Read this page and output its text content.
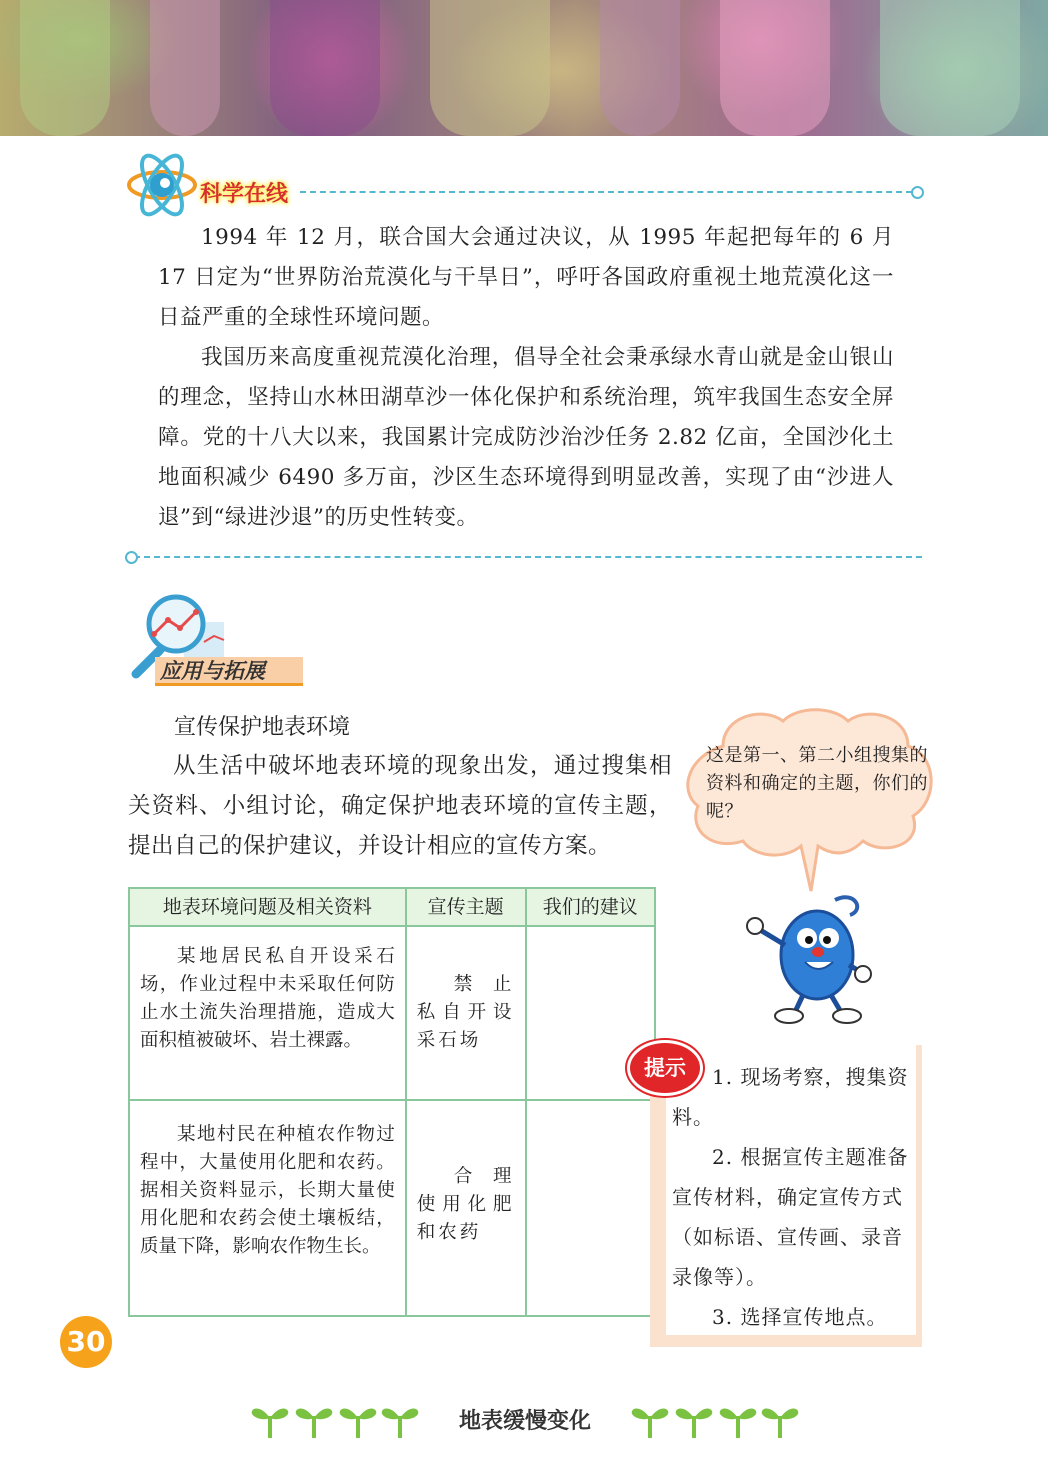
科学在线

1994 年 12 月，联合国大会通过决议，从 1995 年起把每年的 6 月 17 日定为“世界防治荒漠化与干旱日”，呼吁各国政府重视土地荒漠化这一日益严重的全球性环境问题。

我国历来高度重视荒漠化治理，倡导全社会秉承绿水青山就是金山银山的理念，坚持山水林田湖草沙一体化保护和系统治理，筑牢我国生态安全屏障。党的十八大以来，我国累计完成防沙治沙任务 2.82 亿亩，全国沙化土地面积减少 6490 多万亩，沙区生态环境得到明显改善，实现了由“沙进人退”到“绿进沙退”的历史性转变。

应用与拓展
宣传保护地表环境

从生活中破坏地表环境的现象出发，通过搜集相关资料、小组讨论，确定保护地表环境的宣传主题，提出自己的保护建议，并设计相应的宣传方案。

这是第一、第二小组搜集的资料和确定的主题，你们的呢？
地表环境问题及相关资料	宣传主题	我们的建议

某地居民私自开设采石场，作业过程中未采取任何防止水土流失治理措施，造成大面积植被破坏、岩土裸露。	禁止私自开设采石场	

某地村民在种植农作物过程中，大量使用化肥和农药。据相关资料显示，长期大量使用化肥和农药会使土壤板结，质量下降，影响农作物生长。	合理使用化肥和农药	

1. 现场考察，搜集资料。

2. 根据宣传主题准备宣传材料，确定宣传方式（如标语、宣传画、录音录像等）。

3. 选择宣传地点。

提示
30
地表缓慢变化
